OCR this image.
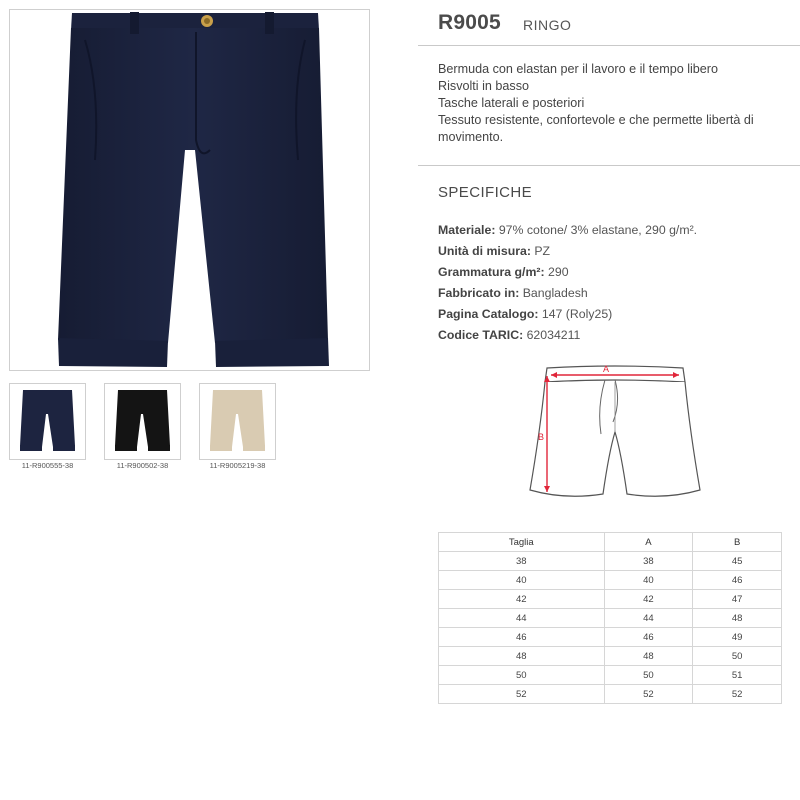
11-R900555-38	11-R900502-38	11-R9005219-38
R9005 RINGO
Bermuda con elastan per il lavoro e il tempo libero
Risvolti in basso
Tasche laterali e posteriori
Tessuto resistente, confortevole e che permette libertà di movimento.
SPECIFICHE
Materiale: 97% cotone/ 3% elastane, 290 g/m².
Unità di misura: PZ
Grammatura g/m²: 290
Fabbricato in: Bangladesh
Pagina Catalogo: 147 (Roly25)
Codice TARIC: 62034211
A
B
Taglia	A	B
38	38	45
40	40	46
42	42	47
44	44	48
46	46	49
48	48	50
50	50	51
52	52	52
